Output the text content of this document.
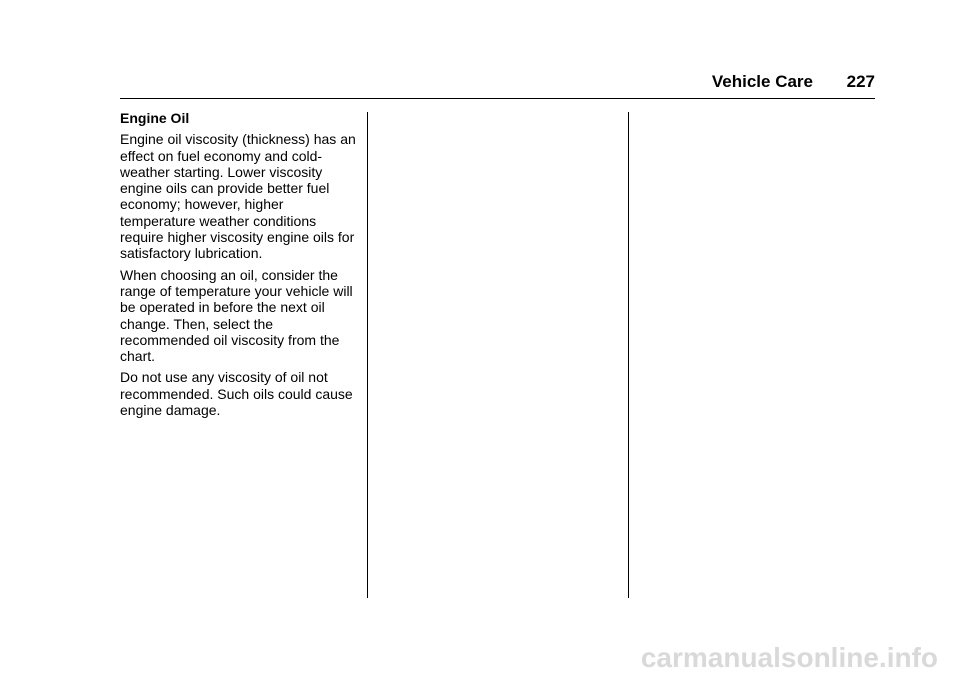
Vehicle Care 227

Engine Oil

Engine oil viscosity (thickness) has an effect on fuel economy and cold-weather starting. Lower viscosity engine oils can provide better fuel economy; however, higher temperature weather conditions require higher viscosity engine oils for satisfactory lubrication.

When choosing an oil, consider the range of temperature your vehicle will be operated in before the next oil change. Then, select the recommended oil viscosity from the chart.

Do not use any viscosity of oil not recommended. Such oils could cause engine damage.

carmanualsonline.info
